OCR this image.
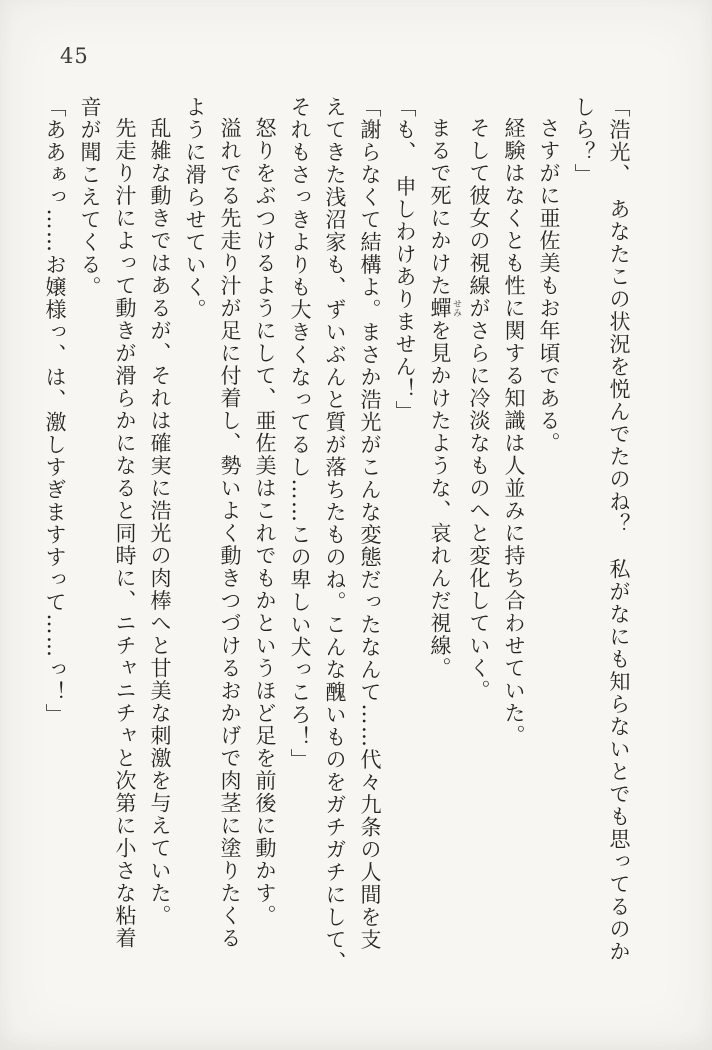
45

「浩光、　あなたこの状況を悦んでたのね？　私がなにも知らないとでも思ってるのか

しら？」

さすがに亜佐美もお年頃である。

経験はなくとも性に関する知識は人並みに持ち合わせていた。

そして彼女の視線がさらに冷淡なものへと変化していく。

まるで死にかけた蟬 せみを見かけたような、哀れんだ視線。

「も、　申しわけありません！」

「謝らなくて結構よ。まさか浩光がこんな変態だったなんて……代々九条の人間を支

えてきた浅沼家も、ずいぶんと質が落ちたものね。こんな醜いものをガチガチにして、

それもさっきよりも大きくなってるし……この卑しい犬っころ！」

怒りをぶつけるようにして、亜佐美はこれでもかというほど足を前後に動かす。

溢れでる先走り汁が足に付着し、勢いよく動きつづけるおかげで肉茎に塗りたくる

ように滑らせていく。

乱雑な動きではあるが、それは確実に浩光の肉棒へと甘美な刺激を与えていた。

先走り汁によって動きが滑らかになると同時に、ニチャニチャと次第に小さな粘着

音が聞こえてくる。

「ああぁっ……お嬢様っ、は、激しすぎますすって……っ！」
